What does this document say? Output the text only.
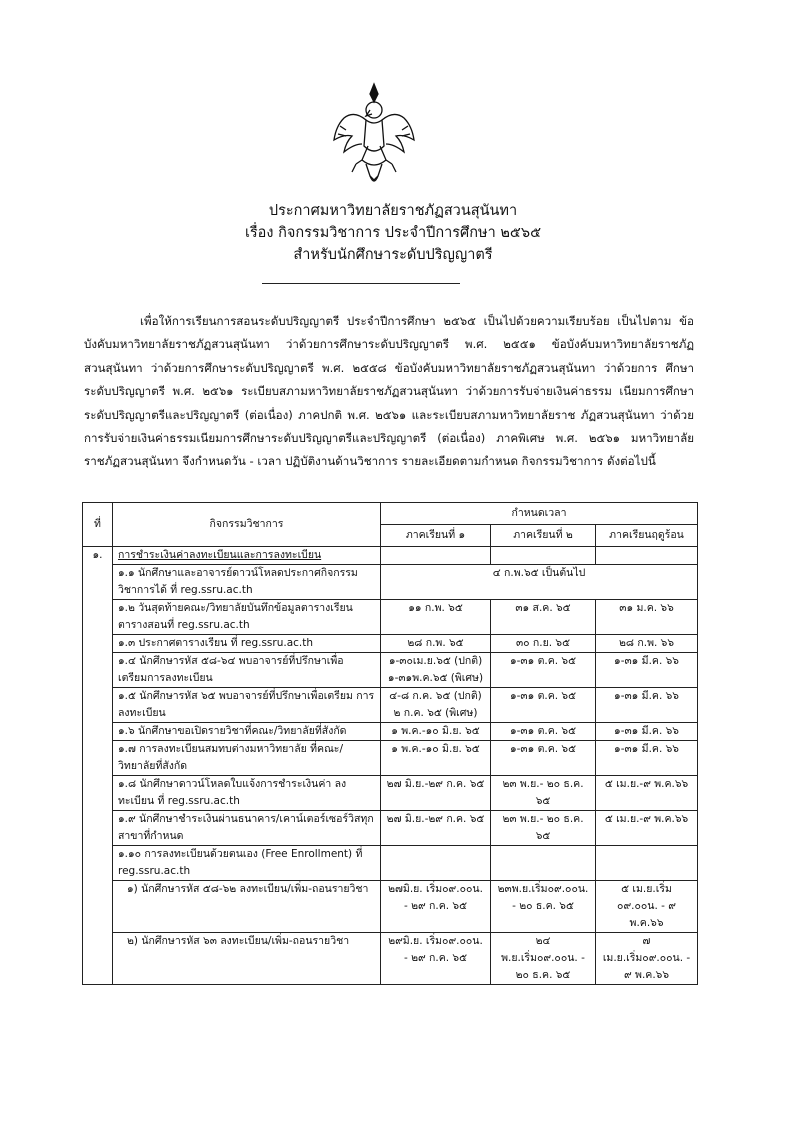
ประกาศมหาวิทยาลัยราชภัฏสวนสุนันทา
เรื่อง กิจกรรมวิชาการ ประจำปีการศึกษา ๒๕๖๕
สำหรับนักศึกษาระดับปริญญาตรี
เพื่อให้การเรียนการสอนระดับปริญญาตรี ประจำปีการศึกษา ๒๕๖๕ เป็นไปด้วยความเรียบร้อย เป็นไปตาม ข้อบังคับมหาวิทยาลัยราชภัฏสวนสุนันทา ว่าด้วยการศึกษาระดับปริญญาตรี พ.ศ. ๒๕๕๑ ข้อบังคับมหาวิทยาลัยราชภัฏ สวนสุนันทา ว่าด้วยการศึกษาระดับปริญญาตรี พ.ศ. ๒๕๕๘ ข้อบังคับมหาวิทยาลัยราชภัฏสวนสุนันทา ว่าด้วยการ ศึกษาระดับปริญญาตรี พ.ศ. ๒๕๖๑ ระเบียบสภามหาวิทยาลัยราชภัฏสวนสุนันทา ว่าด้วยการรับจ่ายเงินค่าธรรม เนียมการศึกษาระดับปริญญาตรีและปริญญาตรี (ต่อเนื่อง) ภาคปกติ พ.ศ. ๒๕๖๑ และระเบียบสภามหาวิทยาลัยราช ภัฏสวนสุนันทา ว่าด้วยการรับจ่ายเงินค่าธรรมเนียมการศึกษาระดับปริญญาตรีและปริญญาตรี (ต่อเนื่อง) ภาคพิเศษ พ.ศ. ๒๕๖๑ มหาวิทยาลัยราชภัฏสวนสุนันทา จึงกำหนดวัน - เวลา ปฏิบัติงานด้านวิชาการ รายละเอียดตามกำหนด กิจกรรมวิชาการ ดังต่อไปนี้
ที่	กิจกรรมวิชาการ	กำหนดเวลา		
		ภาคเรียนที่ ๑	ภาคเรียนที่ ๒	ภาคเรียนฤดูร้อน
๑.	การชำระเงินค่าลงทะเบียนและการลงทะเบียน			
	๑.๑ นักศึกษาและอาจารย์ดาวน์โหลดประกาศกิจกรรม วิชาการได้ ที่ reg.ssru.ac.th	๔ ก.พ.๖๕ เป็นต้นไป		
	๑.๒ วันสุดท้ายคณะ/วิทยาลัยบันทึกข้อมูลตารางเรียน ตารางสอนที่ reg.ssru.ac.th	๑๑ ก.พ. ๖๕	๓๑ ส.ค. ๖๕	๓๑ ม.ค. ๖๖
	๑.๓ ประกาศตารางเรียน ที่ reg.ssru.ac.th	๒๘ ก.พ. ๖๕	๓๐ ก.ย. ๖๕	๒๘ ก.พ. ๖๖
	๑.๔ นักศึกษารหัส ๕๘-๖๔ พบอาจารย์ที่ปรึกษาเพื่อ เตรียมการลงทะเบียน	๑-๓๐เม.ย.๖๕ (ปกติ) ๑-๓๑พ.ค.๖๕ (พิเศษ)	๑-๓๑ ต.ค. ๖๕	๑-๓๑ มี.ค. ๖๖
	๑.๕ นักศึกษารหัส ๖๕ พบอาจารย์ที่ปรึกษาเพื่อเตรียม การลงทะเบียน	๔-๘ ก.ค. ๖๕ (ปกติ) ๒ ก.ค. ๖๕ (พิเศษ)	๑-๓๑ ต.ค. ๖๕	๑-๓๑ มี.ค. ๖๖
	๑.๖ นักศึกษาขอเปิดรายวิชาที่คณะ/วิทยาลัยที่สังกัด	๑ พ.ค.-๑๐ มิ.ย. ๖๕	๑-๓๑ ต.ค. ๖๕	๑-๓๑ มี.ค. ๖๖
	๑.๗ การลงทะเบียนสมทบต่างมหาวิทยาลัย ที่คณะ/ วิทยาลัยที่สังกัด	๑ พ.ค.-๑๐ มิ.ย. ๖๕	๑-๓๑ ต.ค. ๖๕	๑-๓๑ มี.ค. ๖๖
	๑.๘ นักศึกษาดาวน์โหลดใบแจ้งการชำระเงินค่า ลงทะเบียน ที่ reg.ssru.ac.th	๒๗ มิ.ย.-๒๙ ก.ค. ๖๕	๒๓ พ.ย.- ๒๐ ธ.ค. ๖๕	๕ เม.ย.-๙ พ.ค.๖๖
	๑.๙ นักศึกษาชำระเงินผ่านธนาคาร/เคาน์เตอร์เซอร์วิสทุก สาขาที่กำหนด	๒๗ มิ.ย.-๒๙ ก.ค. ๖๕	๒๓ พ.ย.- ๒๐ ธ.ค. ๖๕	๕ เม.ย.-๙ พ.ค.๖๖
	๑.๑๐ การลงทะเบียนด้วยตนเอง (Free Enrollment) ที่ reg.ssru.ac.th			
	๑) นักศึกษารหัส ๕๘-๖๒ ลงทะเบียน/เพิ่ม-ถอนรายวิชา	๒๗มิ.ย. เริ่ม๐๙.๐๐น. - ๒๙ ก.ค. ๖๕	๒๓พ.ย.เริ่ม๐๙.๐๐น. - ๒๐ ธ.ค. ๖๕	๕ เม.ย.เริ่ม ๐๙.๐๐น. - ๙ พ.ค.๖๖
	๒) นักศึกษารหัส ๖๓ ลงทะเบียน/เพิ่ม-ถอนรายวิชา	๒๙มิ.ย. เริ่ม๐๙.๐๐น. - ๒๙ ก.ค. ๖๕	๒๔ พ.ย.เริ่ม๐๙.๐๐น. - ๒๐ ธ.ค. ๖๕	๗ เม.ย.เริ่ม๐๙.๐๐น. - ๙ พ.ค.๖๖
